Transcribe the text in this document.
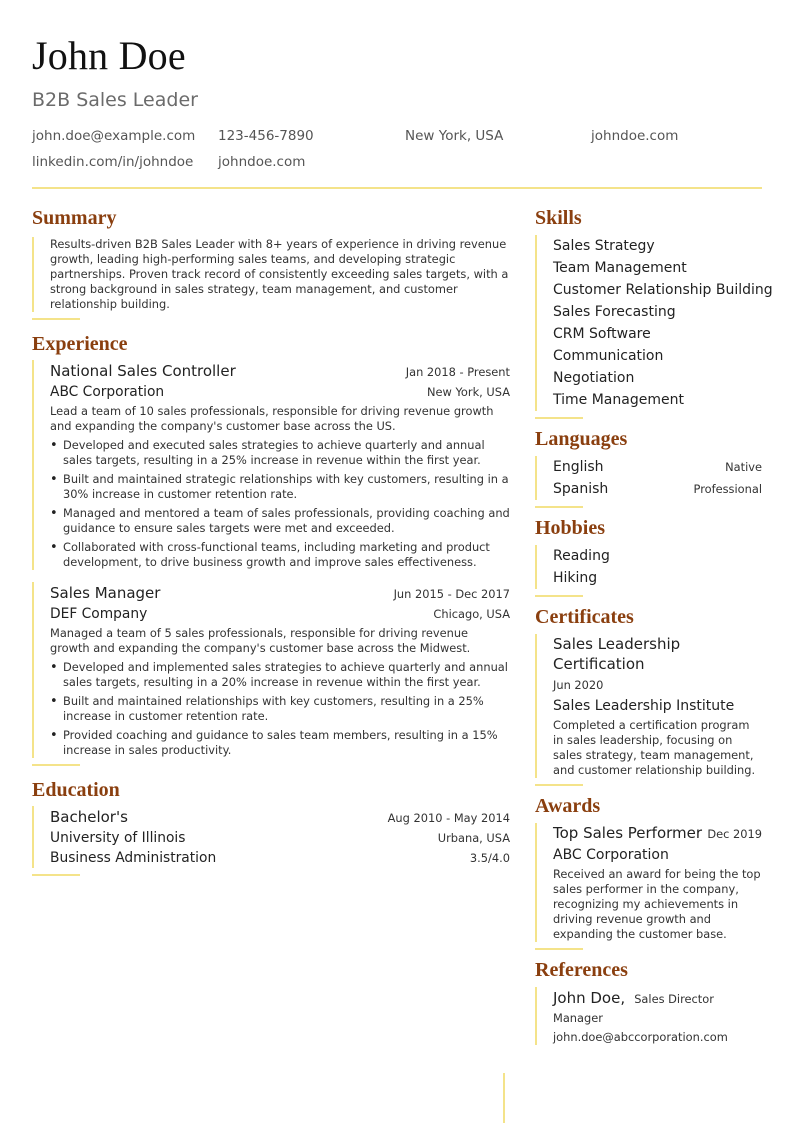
John Doe
B2B Sales Leader
john.doe@example.com	123-456-7890	New York, USA	johndoe.com
linkedin.com/in/johndoe	johndoe.com
Summary

Results-driven B2B Sales Leader with 8+ years of experience in driving revenue growth, leading high-performing sales teams, and developing strategic partnerships. Proven track record of consistently exceeding sales targets, with a strong background in sales strategy, team management, and customer relationship building.

Experience
National Sales Controller	Jan 2018 - Present
ABC Corporation	New York, USA

Lead a team of 10 sales professionals, responsible for driving revenue growth and expanding the company's customer base across the US.

• Developed and executed sales strategies to achieve quarterly and annual sales targets, resulting in a 25% increase in revenue within the first year.
• Built and maintained strategic relationships with key customers, resulting in a 30% increase in customer retention rate.
• Managed and mentored a team of sales professionals, providing coaching and guidance to ensure sales targets were met and exceeded.
• Collaborated with cross-functional teams, including marketing and product development, to drive business growth and improve sales effectiveness.
Sales Manager	Jun 2015 - Dec 2017
DEF Company	Chicago, USA

Managed a team of 5 sales professionals, responsible for driving revenue growth and expanding the company's customer base across the Midwest.

• Developed and implemented sales strategies to achieve quarterly and annual sales targets, resulting in a 20% increase in revenue within the first year.
• Built and maintained relationships with key customers, resulting in a 25% increase in customer retention rate.
• Provided coaching and guidance to sales team members, resulting in a 15% increase in sales productivity.
Education
Bachelor's	Aug 2010 - May 2014
University of Illinois	Urbana, USA
Business Administration	3.5/4.0
Skills
Sales Strategy
Team Management
Customer Relationship Building
Sales Forecasting
CRM Software
Communication
Negotiation
Time Management
Languages
English	Native
Spanish	Professional
Hobbies
Reading
Hiking
Certificates
Sales Leadership Certification
Jun 2020
Sales Leadership Institute

Completed a certification program in sales leadership, focusing on sales strategy, team management, and customer relationship building.

Awards
Top Sales Performer Dec 2019
ABC Corporation

Received an award for being the top sales performer in the company, recognizing my achievements in driving revenue growth and expanding the customer base.

References
John Doe, Sales Director
Manager
john.doe@abccorporation.com
